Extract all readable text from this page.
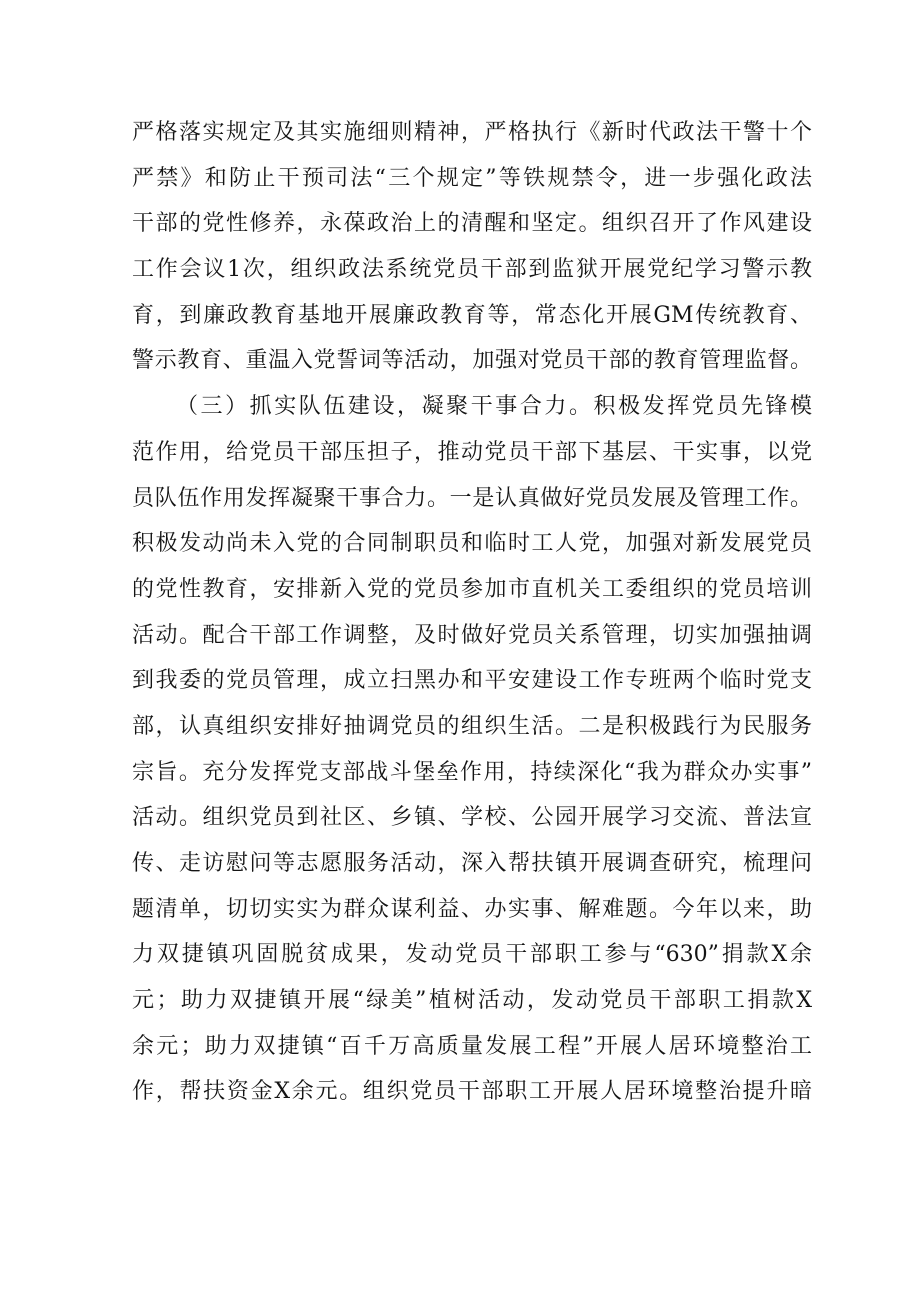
严格落实规定及其实施细则精神，严格执行《新时代政法干警十个
严禁》和防止干预司法“三个规定”等铁规禁令，进一步强化政法
干部的党性修养，永葆政治上的清醒和坚定。组织召开了作风建设
工作会议1次，组织政法系统党员干部到监狱开展党纪学习警示教
育，到廉政教育基地开展廉政教育等，常态化开展GM传统教育、
警示教育、重温入党誓词等活动，加强对党员干部的教育管理监督。
（三）抓实队伍建设，凝聚干事合力。积极发挥党员先锋模
范作用，给党员干部压担子，推动党员干部下基层、干实事，以党
员队伍作用发挥凝聚干事合力。一是认真做好党员发展及管理工作。
积极发动尚未入党的合同制职员和临时工人党，加强对新发展党员
的党性教育，安排新入党的党员参加市直机关工委组织的党员培训
活动。配合干部工作调整，及时做好党员关系管理，切实加强抽调
到我委的党员管理，成立扫黑办和平安建设工作专班两个临时党支
部，认真组织安排好抽调党员的组织生活。二是积极践行为民服务
宗旨。充分发挥党支部战斗堡垒作用，持续深化“我为群众办实事”
活动。组织党员到社区、乡镇、学校、公园开展学习交流、普法宣
传、走访慰问等志愿服务活动，深入帮扶镇开展调查研究，梳理问
题清单，切切实实为群众谋利益、办实事、解难题。今年以来，助
力双捷镇巩固脱贫成果，发动党员干部职工参与“630”捐款X余
元；助力双捷镇开展“绿美”植树活动，发动党员干部职工捐款X
余元；助力双捷镇“百千万高质量发展工程”开展人居环境整治工
作，帮扶资金X余元。组织党员干部职工开展人居环境整治提升暗
